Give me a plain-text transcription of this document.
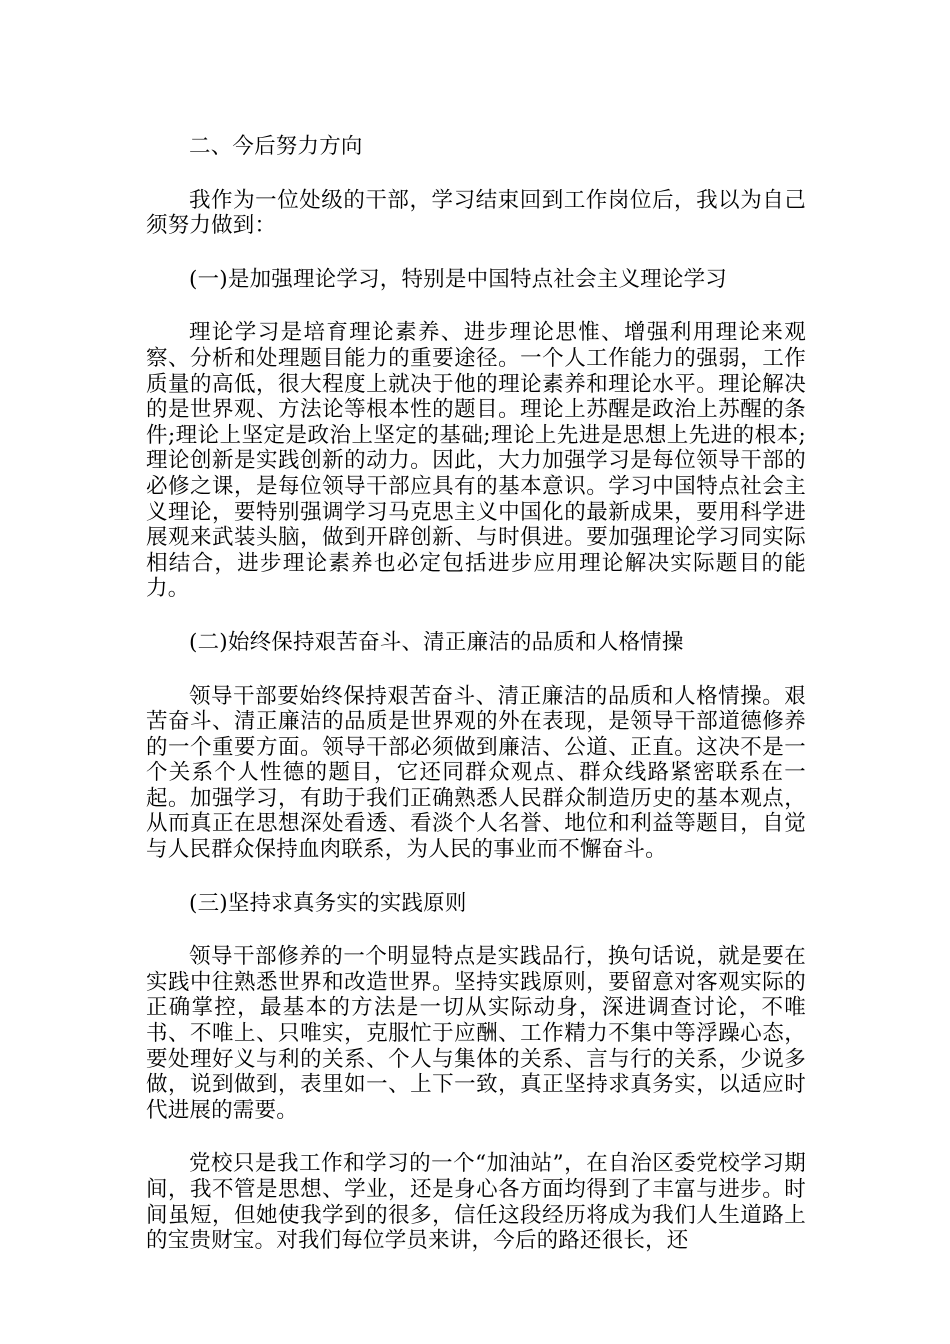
二、今后努力方向

我作为一位处级的干部，学习结束回到工作岗位后，我以为自己须努力做到：

(一)是加强理论学习，特别是中国特点社会主义理论学习

理论学习是培育理论素养、进步理论思惟、增强利用理论来观察、分析和处理题目能力的重要途径。一个人工作能力的强弱，工作质量的高低，很大程度上就决于他的理论素养和理论水平。理论解决的是世界观、方法论等根本性的题目。理论上苏醒是政治上苏醒的条件;理论上坚定是政治上坚定的基础;理论上先进是思想上先进的根本;理论创新是实践创新的动力。因此，大力加强学习是每位领导干部的必修之课，是每位领导干部应具有的基本意识。学习中国特点社会主义理论，要特别强调学习马克思主义中国化的最新成果，要用科学进展观来武装头脑，做到开辟创新、与时俱进。要加强理论学习同实际相结合，进步理论素养也必定包括进步应用理论解决实际题目的能力。

(二)始终保持艰苦奋斗、清正廉洁的品质和人格情操

领导干部要始终保持艰苦奋斗、清正廉洁的品质和人格情操。艰苦奋斗、清正廉洁的品质是世界观的外在表现，是领导干部道德修养的一个重要方面。领导干部必须做到廉洁、公道、正直。这决不是一个关系个人性德的题目，它还同群众观点、群众线路紧密联系在一起。加强学习，有助于我们正确熟悉人民群众制造历史的基本观点，从而真正在思想深处看透、看淡个人名誉、地位和利益等题目，自觉与人民群众保持血肉联系，为人民的事业而不懈奋斗。

(三)坚持求真务实的实践原则

领导干部修养的一个明显特点是实践品行，换句话说，就是要在实践中往熟悉世界和改造世界。坚持实践原则，要留意对客观实际的正确掌控，最基本的方法是一切从实际动身，深进调查讨论，不唯书、不唯上、只唯实，克服忙于应酬、工作精力不集中等浮躁心态，要处理好义与利的关系、个人与集体的关系、言与行的关系，少说多做，说到做到，表里如一、上下一致，真正坚持求真务实，以适应时代进展的需要。

党校只是我工作和学习的一个“加油站”，在自治区委党校学习期间，我不管是思想、学业，还是身心各方面均得到了丰富与进步。时间虽短，但她使我学到的很多，信任这段经历将成为我们人生道路上的宝贵财宝。对我们每位学员来讲，今后的路还很长，还
